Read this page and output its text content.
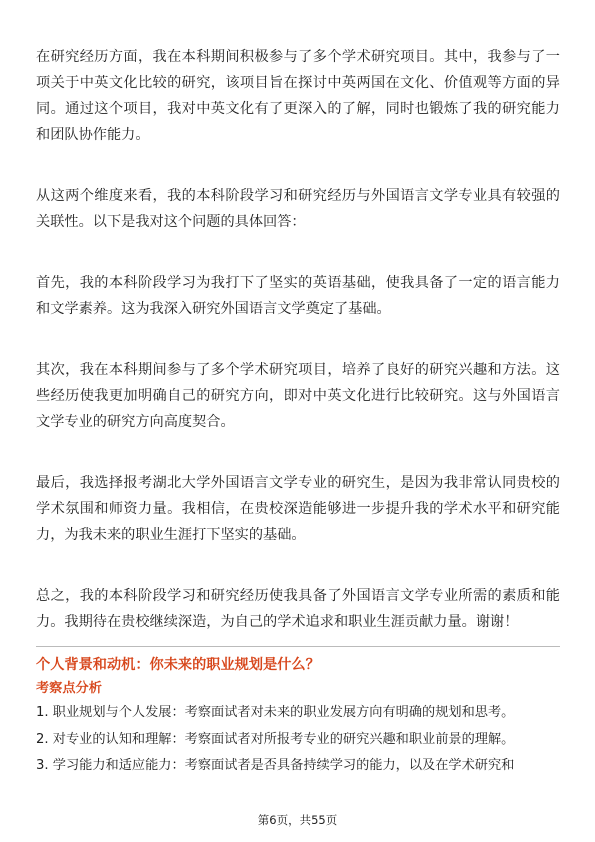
在研究经历方面，我在本科期间积极参与了多个学术研究项目。其中，我参与了一项关于中英文化比较的研究，该项目旨在探讨中英两国在文化、价值观等方面的异同。通过这个项目，我对中英文化有了更深入的了解，同时也锻炼了我的研究能力和团队协作能力。

从这两个维度来看，我的本科阶段学习和研究经历与外国语言文学专业具有较强的关联性。以下是我对这个问题的具体回答：

首先，我的本科阶段学习为我打下了坚实的英语基础，使我具备了一定的语言能力和文学素养。这为我深入研究外国语言文学奠定了基础。

其次，我在本科期间参与了多个学术研究项目，培养了良好的研究兴趣和方法。这些经历使我更加明确自己的研究方向，即对中英文化进行比较研究。这与外国语言文学专业的研究方向高度契合。

最后，我选择报考湖北大学外国语言文学专业的研究生，是因为我非常认同贵校的学术氛围和师资力量。我相信，在贵校深造能够进一步提升我的学术水平和研究能力，为我未来的职业生涯打下坚实的基础。

总之，我的本科阶段学习和研究经历使我具备了外国语言文学专业所需的素质和能力。我期待在贵校继续深造，为自己的学术追求和职业生涯贡献力量。谢谢！

个人背景和动机：你未来的职业规划是什么？

考察点分析

1. 职业规划与个人发展：考察面试者对未来的职业发展方向有明确的规划和思考。
2. 对专业的认知和理解：考察面试者对所报考专业的研究兴趣和职业前景的理解。
3. 学习能力和适应能力：考察面试者是否具备持续学习的能力，以及在学术研究和
第6页，共55页
